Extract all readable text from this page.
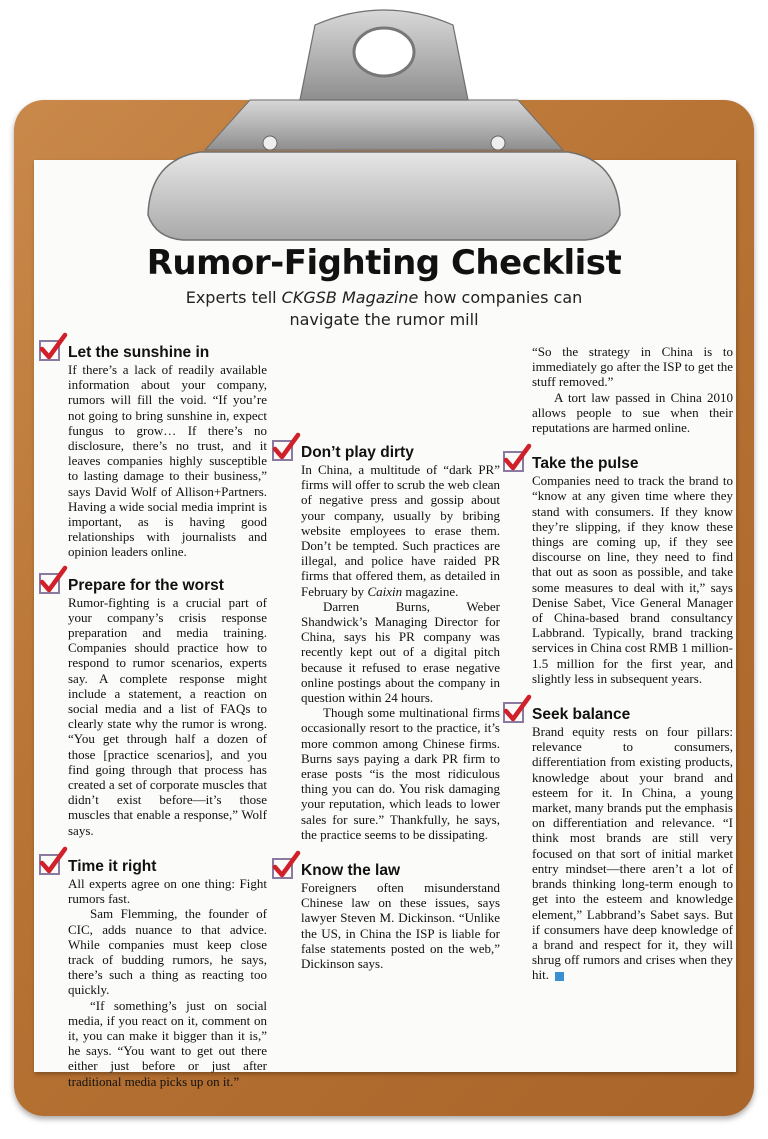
Rumor-Fighting Checklist
Experts tell CKGSB Magazine how companies can navigate the rumor mill
Let the sunshine in

If there’s a lack of readily available information about your company, rumors will fill the void. “If you’re not going to bring sunshine in, expect fungus to grow… If there’s no disclosure, there’s no trust, and it leaves companies highly susceptible to lasting damage to their business,” says David Wolf of Allison+Partners. Having a wide social media imprint is important, as is having good relationships with journalists and opinion leaders online.

Prepare for the worst

Rumor-fighting is a crucial part of your company’s crisis response preparation and media training. Companies should practice how to respond to rumor scenarios, experts say. A complete response might include a statement, a reaction on social media and a list of FAQs to clearly state why the rumor is wrong. “You get through half a dozen of those [practice scenarios], and you find going through that process has created a set of corporate muscles that didn’t exist before—it’s those muscles that enable a response,” Wolf says.

Time it right

All experts agree on one thing: Fight rumors fast.

Sam Flemming, the founder of CIC, adds nuance to that advice. While companies must keep close track of budding rumors, he says, there’s such a thing as reacting too quickly.

“If something’s just on social media, if you react on it, comment on it, you can make it bigger than it is,” he says. “You want to get out there either just before or just after traditional media picks up on it.”

Don’t play dirty

In China, a multitude of “dark PR” firms will offer to scrub the web clean of negative press and gossip about your company, usually by bribing website employees to erase them. Don’t be tempted. Such practices are illegal, and police have raided PR firms that offered them, as detailed in February by Caixin magazine.

Darren Burns, Weber Shandwick’s Managing Director for China, says his PR company was recently kept out of a digital pitch because it refused to erase negative online postings about the company in question within 24 hours.

Though some multinational firms occasionally resort to the practice, it’s more common among Chinese firms. Burns says paying a dark PR firm to erase posts “is the most ridiculous thing you can do. You risk damaging your reputation, which leads to lower sales for sure.” Thankfully, he says, the practice seems to be dissipating.

Know the law

Foreigners often misunderstand Chinese law on these issues, says lawyer Steven M. Dickinson. “Unlike the US, in China the ISP is liable for false statements posted on the web,” Dickinson says.

“So the strategy in China is to immediately go after the ISP to get the stuff removed.”

A tort law passed in China 2010 allows people to sue when their reputations are harmed online.

Take the pulse

Companies need to track the brand to “know at any given time where they stand with consumers. If they know they’re slipping, if they know these things are coming up, if they see discourse on line, they need to find that out as soon as possible, and take some measures to deal with it,” says Denise Sabet, Vice General Manager of China-based brand consultancy Labbrand. Typically, brand tracking services in China cost RMB 1 million-1.5 million for the first year, and slightly less in subsequent years.

Seek balance

Brand equity rests on four pillars: relevance to consumers, differentiation from existing products, knowledge about your brand and esteem for it. In China, a young market, many brands put the emphasis on differentiation and relevance. “I think most brands are still very focused on that sort of initial market entry mindset—there aren’t a lot of brands thinking long-term enough to get into the esteem and knowledge element,” Labbrand’s Sabet says. But if consumers have deep knowledge of a brand and respect for it, they will shrug off rumors and crises when they hit.
